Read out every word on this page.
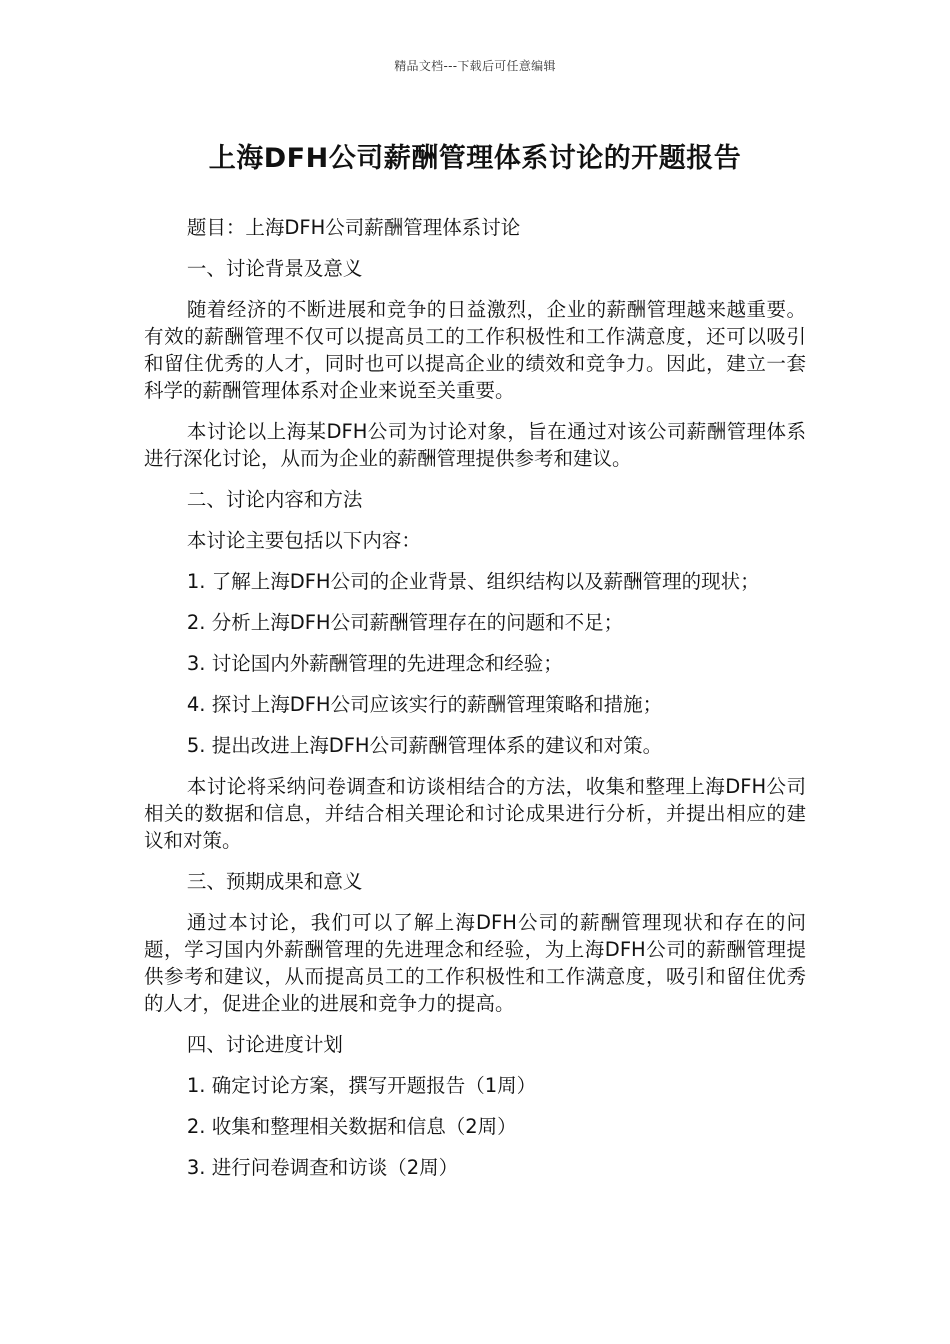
精品文档---下载后可任意编辑
上海DFH公司薪酬管理体系讨论的开题报告

题目：上海DFH公司薪酬管理体系讨论

一、讨论背景及意义

随着经济的不断进展和竞争的日益激烈，企业的薪酬管理越来越重要。有效的薪酬管理不仅可以提高员工的工作积极性和工作满意度，还可以吸引和留住优秀的人才，同时也可以提高企业的绩效和竞争力。因此，建立一套科学的薪酬管理体系对企业来说至关重要。

本讨论以上海某DFH公司为讨论对象，旨在通过对该公司薪酬管理体系进行深化讨论，从而为企业的薪酬管理提供参考和建议。

二、讨论内容和方法

本讨论主要包括以下内容：

1. 了解上海DFH公司的企业背景、组织结构以及薪酬管理的现状；

2. 分析上海DFH公司薪酬管理存在的问题和不足；

3. 讨论国内外薪酬管理的先进理念和经验；

4. 探讨上海DFH公司应该实行的薪酬管理策略和措施；

5. 提出改进上海DFH公司薪酬管理体系的建议和对策。

本讨论将采纳问卷调查和访谈相结合的方法，收集和整理上海DFH公司相关的数据和信息，并结合相关理论和讨论成果进行分析，并提出相应的建议和对策。

三、预期成果和意义

通过本讨论，我们可以了解上海DFH公司的薪酬管理现状和存在的问题，学习国内外薪酬管理的先进理念和经验，为上海DFH公司的薪酬管理提供参考和建议，从而提高员工的工作积极性和工作满意度，吸引和留住优秀的人才，促进企业的进展和竞争力的提高。

四、讨论进度计划

1. 确定讨论方案，撰写开题报告（1周）

2. 收集和整理相关数据和信息（2周）

3. 进行问卷调查和访谈（2周）
